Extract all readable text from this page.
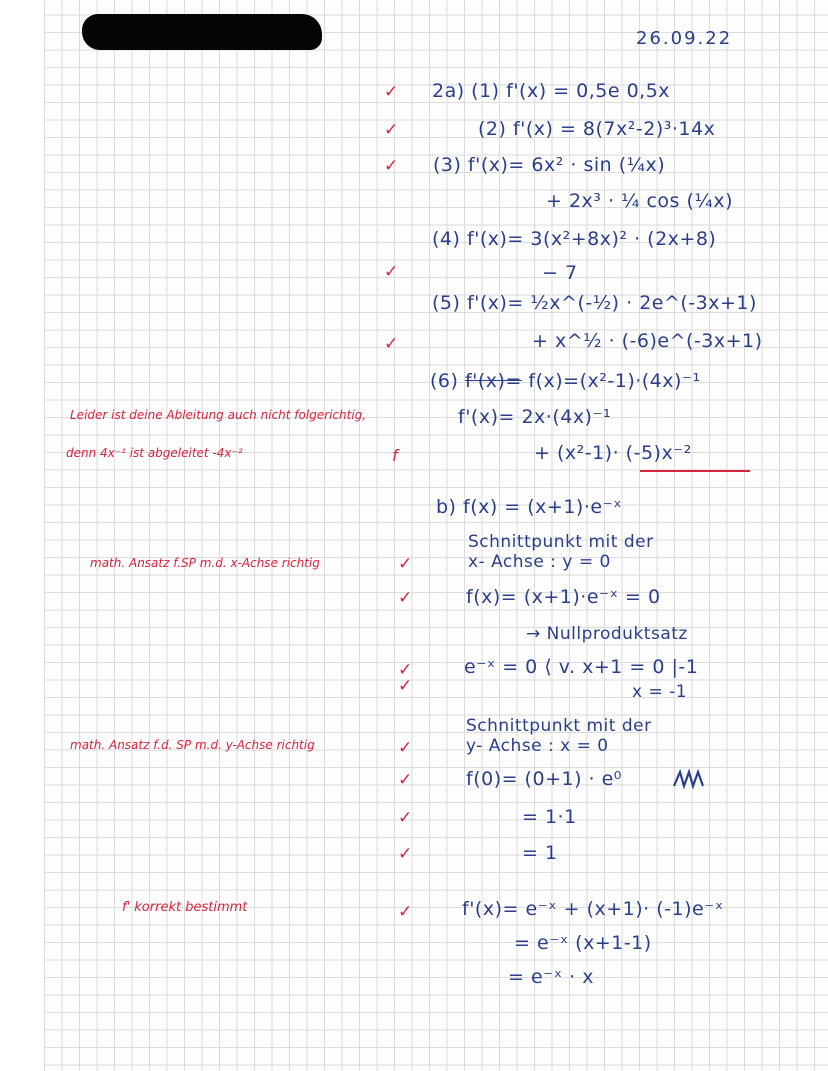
26.09.22
2a) (1) f'(x) = 0,5e 0,5x
(2) f'(x) = 8(7x²-2)³·14x
(3) f'(x)= 6x² · sin (¼x)
+ 2x³ · ¼ cos (¼x)
(4) f'(x)= 3(x²+8x)² · (2x+8)
− 7
(5) f'(x)= ½x^(-½) · 2e^(-3x+1)
+ x^½ · (-6)e^(-3x+1)
(6) f'(x)= f(x)=(x²-1)·(4x)⁻¹
f'(x)= 2x·(4x)⁻¹
+ (x²-1)· (-5)x⁻²
b) f(x) = (x+1)·e⁻ˣ
Schnittpunkt mit der
x- Achse : y = 0
f(x)= (x+1)·e⁻ˣ = 0
→ Nullproduktsatz
e⁻ˣ = 0 ⟨ v. x+1 = 0 |-1
x = -1
Schnittpunkt mit der
y- Achse : x = 0
f(0)= (0+1) · e⁰
= 1·1
= 1
f'(x)= e⁻ˣ + (x+1)· (-1)e⁻ˣ
= e⁻ˣ (x+1-1)
= e⁻ˣ · x
Leider ist deine Ableitung auch nicht folgerichtig,
denn 4x⁻¹ ist abgeleitet -4x⁻²	f
math. Ansatz f.SP m.d. x-Achse richtig
math. Ansatz f.d. SP m.d. y-Achse richtig
f' korrekt bestimmt
✓
✓
✓
✓
✓
✓
✓
✓
✓
✓
✓
✓
✓
✓
